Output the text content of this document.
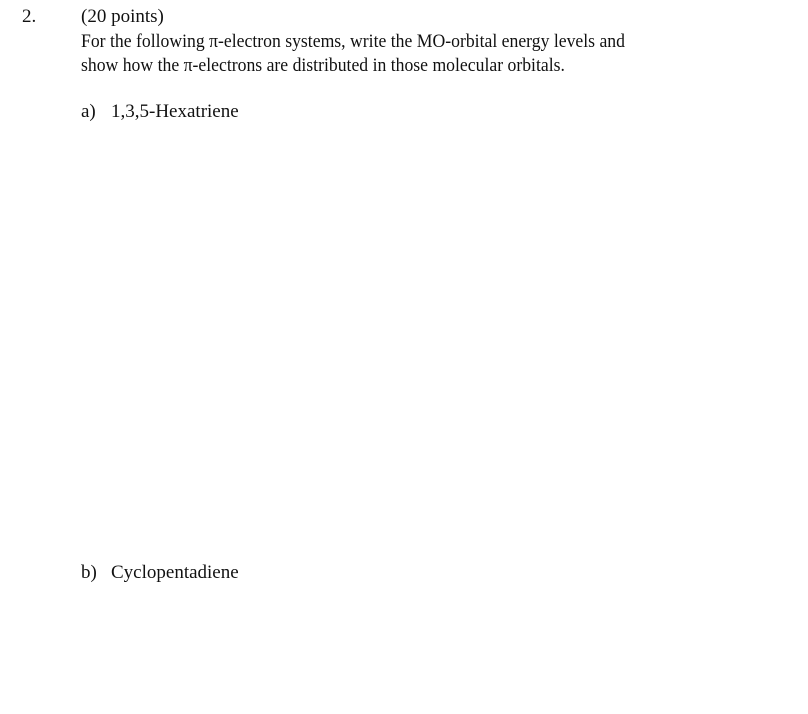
2. (20 points)
For the following π-electron systems, write the MO-orbital energy levels and
show how the π-electrons are distributed in those molecular orbitals.
a) 1,3,5-Hexatriene
b) Cyclopentadiene
